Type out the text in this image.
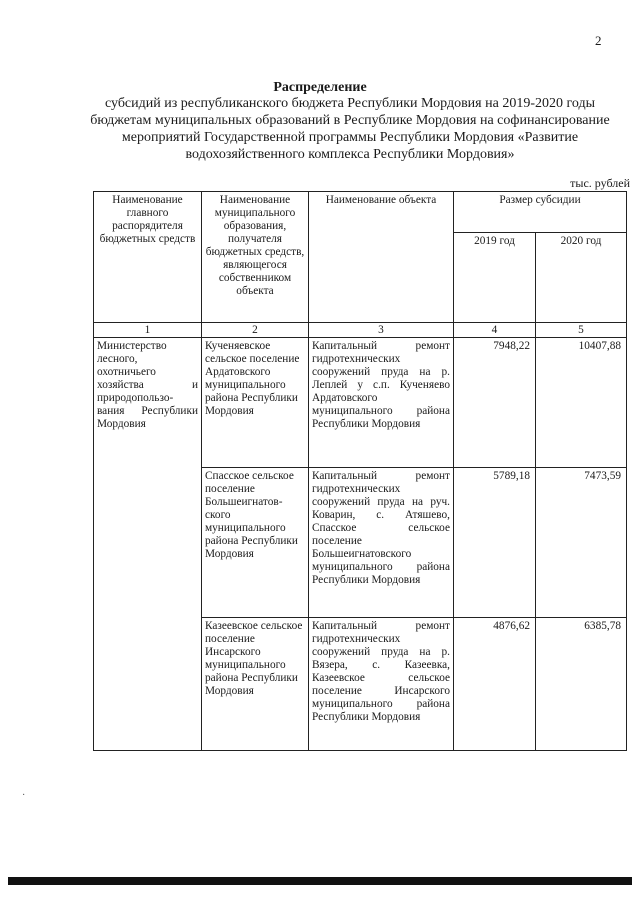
2
Распределение
субсидий из республиканского бюджета Республики Мордовия на 2019-2020 годы бюджетам муниципальных образований в Республике Мордовия на софинансирование мероприятий Государственной программы Республики Мордовия «Развитие водохозяйственного комплекса Республики Мордовия»
тыс. рублей
Наименование главного распорядителя бюджетных средств	Наименование муниципального образования, получателя бюджетных средств, являющегося собственником объекта	Наименование объекта	Размер субсидии	
			2019 год	2020 год
1	2	3	4	5
Министерство лесного, охотничьего хозяйства и природопользо-вания Республики Мордовия	Кученяевское сельское поселение Ардатовского муниципального района Республики Мордовия	Капитальный ремонт гидротехнических сооружений пруда на р. Леплей у с.п. Кученяево Ардатовского муниципального района Республики Мордовия	7948,22	10407,88
	Спасское сельское поселение Большеигнатов-ского муниципального района Республики Мордовия	Капитальный ремонт гидротехнических сооружений пруда на руч. Коварин, с. Атяшево, Спасское сельское поселение Большеигнатовского муниципального района Республики Мордовия	5789,18	7473,59
	Казеевское сельское поселение Инсарского муниципального района Республики Мордовия	Капитальный ремонт гидротехнических сооружений пруда на р. Вязера, с. Казеевка, Казеевское сельское поселение Инсарского муниципального района Республики Мордовия	4876,62	6385,78
·
